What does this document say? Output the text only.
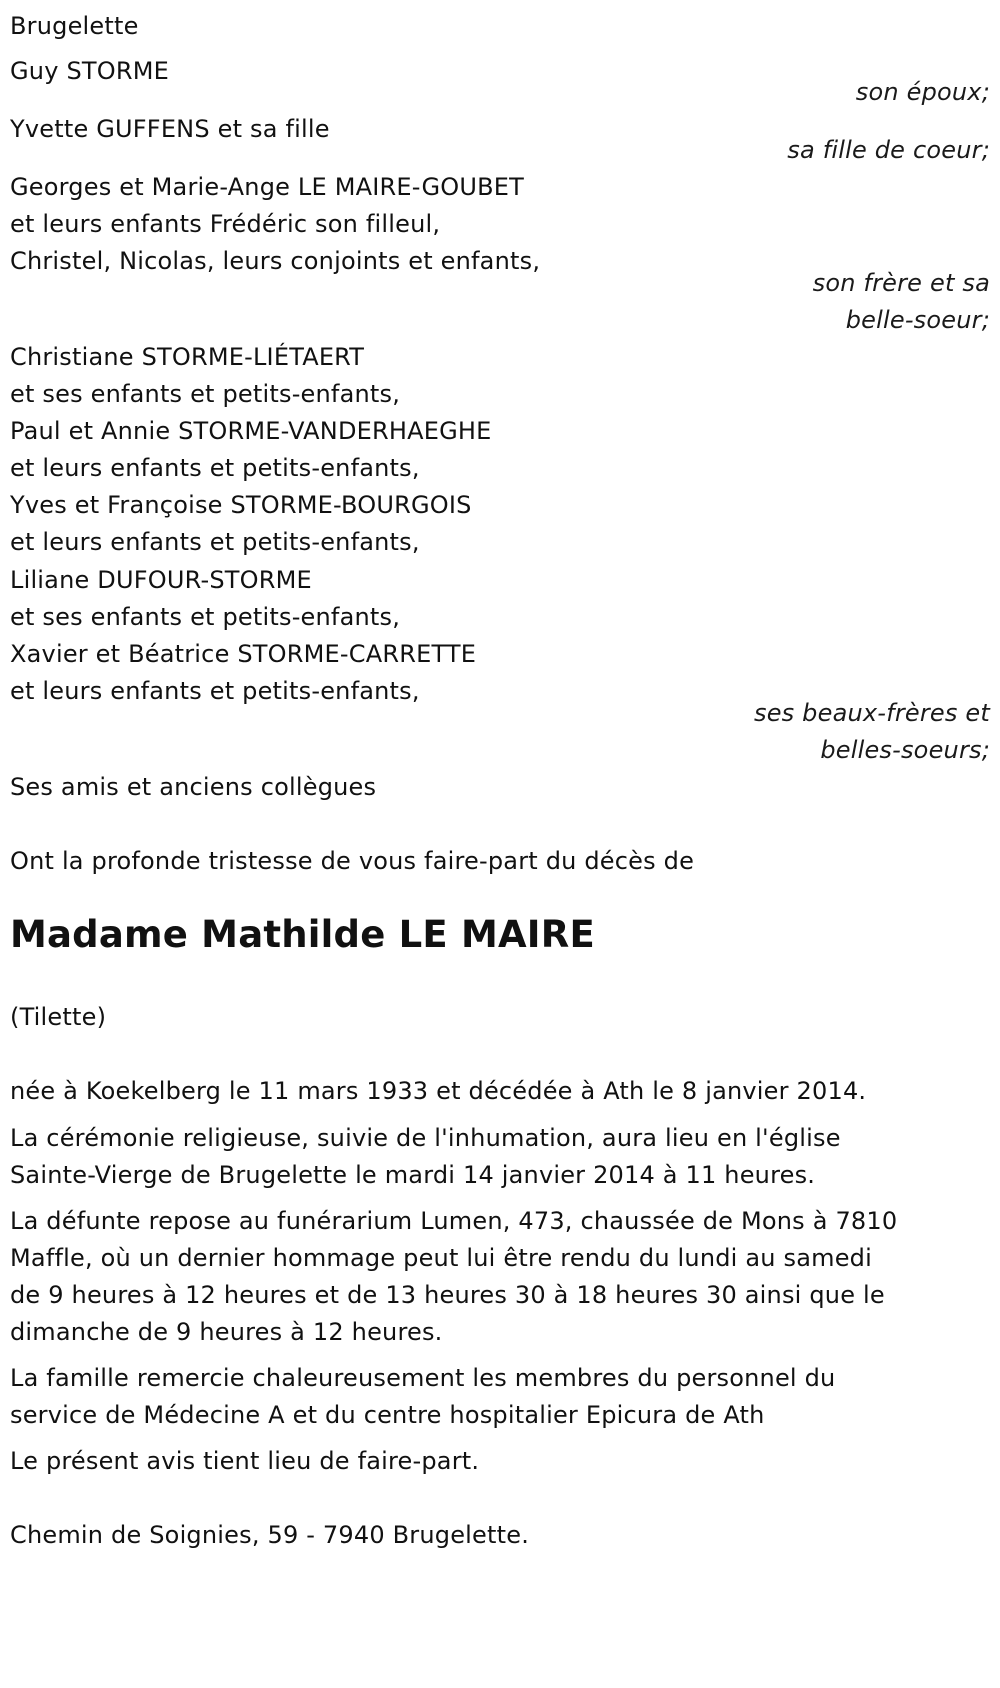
Brugelette
Guy STORME
son époux;
Yvette GUFFENS et sa fille
sa fille de coeur;
Georges et Marie-Ange LE MAIRE-GOUBET
et leurs enfants Frédéric son filleul,
Christel, Nicolas, leurs conjoints et enfants,
son frère et sa
belle-soeur;
Christiane STORME-LIÉTAERT
et ses enfants et petits-enfants,
Paul et Annie STORME-VANDERHAEGHE
et leurs enfants et petits-enfants,
Yves et Françoise STORME-BOURGOIS
et leurs enfants et petits-enfants,
Liliane DUFOUR-STORME
et ses enfants et petits-enfants,
Xavier et Béatrice STORME-CARRETTE
et leurs enfants et petits-enfants,
ses beaux-frères et
belles-soeurs;
Ses amis et anciens collègues
Ont la profonde tristesse de vous faire-part du décès de
Madame Mathilde LE MAIRE
(Tilette)
née à Koekelberg le 11 mars 1933 et décédée à Ath le 8 janvier 2014.
La cérémonie religieuse, suivie de l'inhumation, aura lieu en l'église
Sainte-Vierge de Brugelette le mardi 14 janvier 2014 à 11 heures.
La défunte repose au funérarium Lumen, 473, chaussée de Mons à 7810
Maffle, où un dernier hommage peut lui être rendu du lundi au samedi
de 9 heures à 12 heures et de 13 heures 30 à 18 heures 30 ainsi que le
dimanche de 9 heures à 12 heures.
La famille remercie chaleureusement les membres du personnel du
service de Médecine A et du centre hospitalier Epicura de Ath
Le présent avis tient lieu de faire-part.
Chemin de Soignies, 59 - 7940 Brugelette.
